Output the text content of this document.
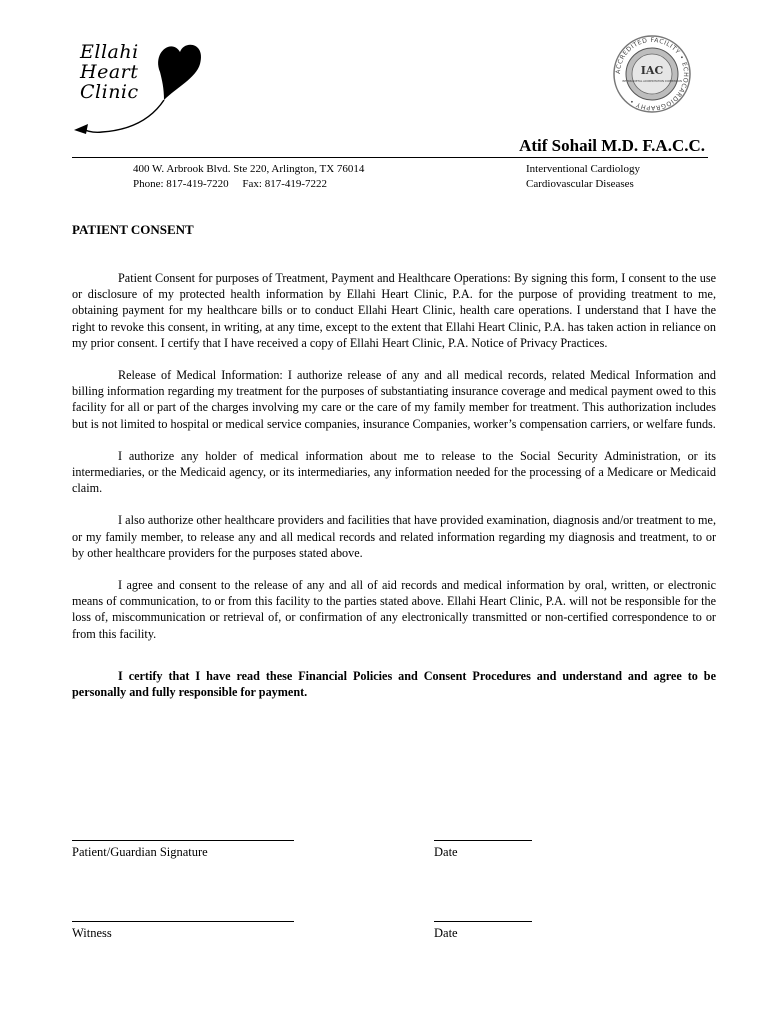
Ellahi
Heart
Clinic
ACCREDITED FACILITY • ECHOCARDIOGRAPHY •
IAC
INTERSOCIETAL ACCREDITATION COMMISSION
Atif Sohail M.D. F.A.C.C.
400 W. Arbrook Blvd. Ste 220, Arlington, TX 76014
Phone: 817-419-7220     Fax: 817-419-7222
Interventional Cardiology
Cardiovascular Diseases
PATIENT CONSENT

Patient Consent for purposes of Treatment, Payment and Healthcare Operations: By signing this form, I consent to the use or disclosure of my protected health information by Ellahi Heart Clinic, P.A. for the purpose of providing treatment to me, obtaining payment for my healthcare bills or to conduct Ellahi Heart Clinic, health care operations. I understand that I have the right to revoke this consent, in writing, at any time, except to the extent that Ellahi Heart Clinic, P.A. has taken action in reliance on my prior consent. I certify that I have received a copy of Ellahi Heart Clinic, P.A. Notice of Privacy Practices.

Release of Medical Information: I authorize release of any and all medical records, related Medical Information and billing information regarding my treatment for the purposes of substantiating insurance coverage and medical payment owed to this facility for all or part of the charges involving my care or the care of my family member for treatment. This authorization includes but is not limited to hospital or medical service companies, insurance Companies, worker’s compensation carriers, or welfare funds.

I authorize any holder of medical information about me to release to the Social Security Administration, or its intermediaries, or the Medicaid agency, or its intermediaries, any information needed for the processing of a Medicare or Medicaid claim.

I also authorize other healthcare providers and facilities that have provided examination, diagnosis and/or treatment to me, or my family member, to release any and all medical records and related information regarding my diagnosis and treatment, to or by other healthcare providers for the purposes stated above.

I agree and consent to the release of any and all of aid records and medical information by oral, written, or electronic means of communication, to or from this facility to the parties stated above. Ellahi Heart Clinic, P.A. will not be responsible for the loss of, miscommunication or retrieval of, or confirmation of any electronically transmitted or non-certified correspondence to or from this facility.

I certify that I have read these Financial Policies and Consent Procedures and understand and agree to be personally and fully responsible for payment.

Patient/Guardian Signature	Date
Witness	Date
